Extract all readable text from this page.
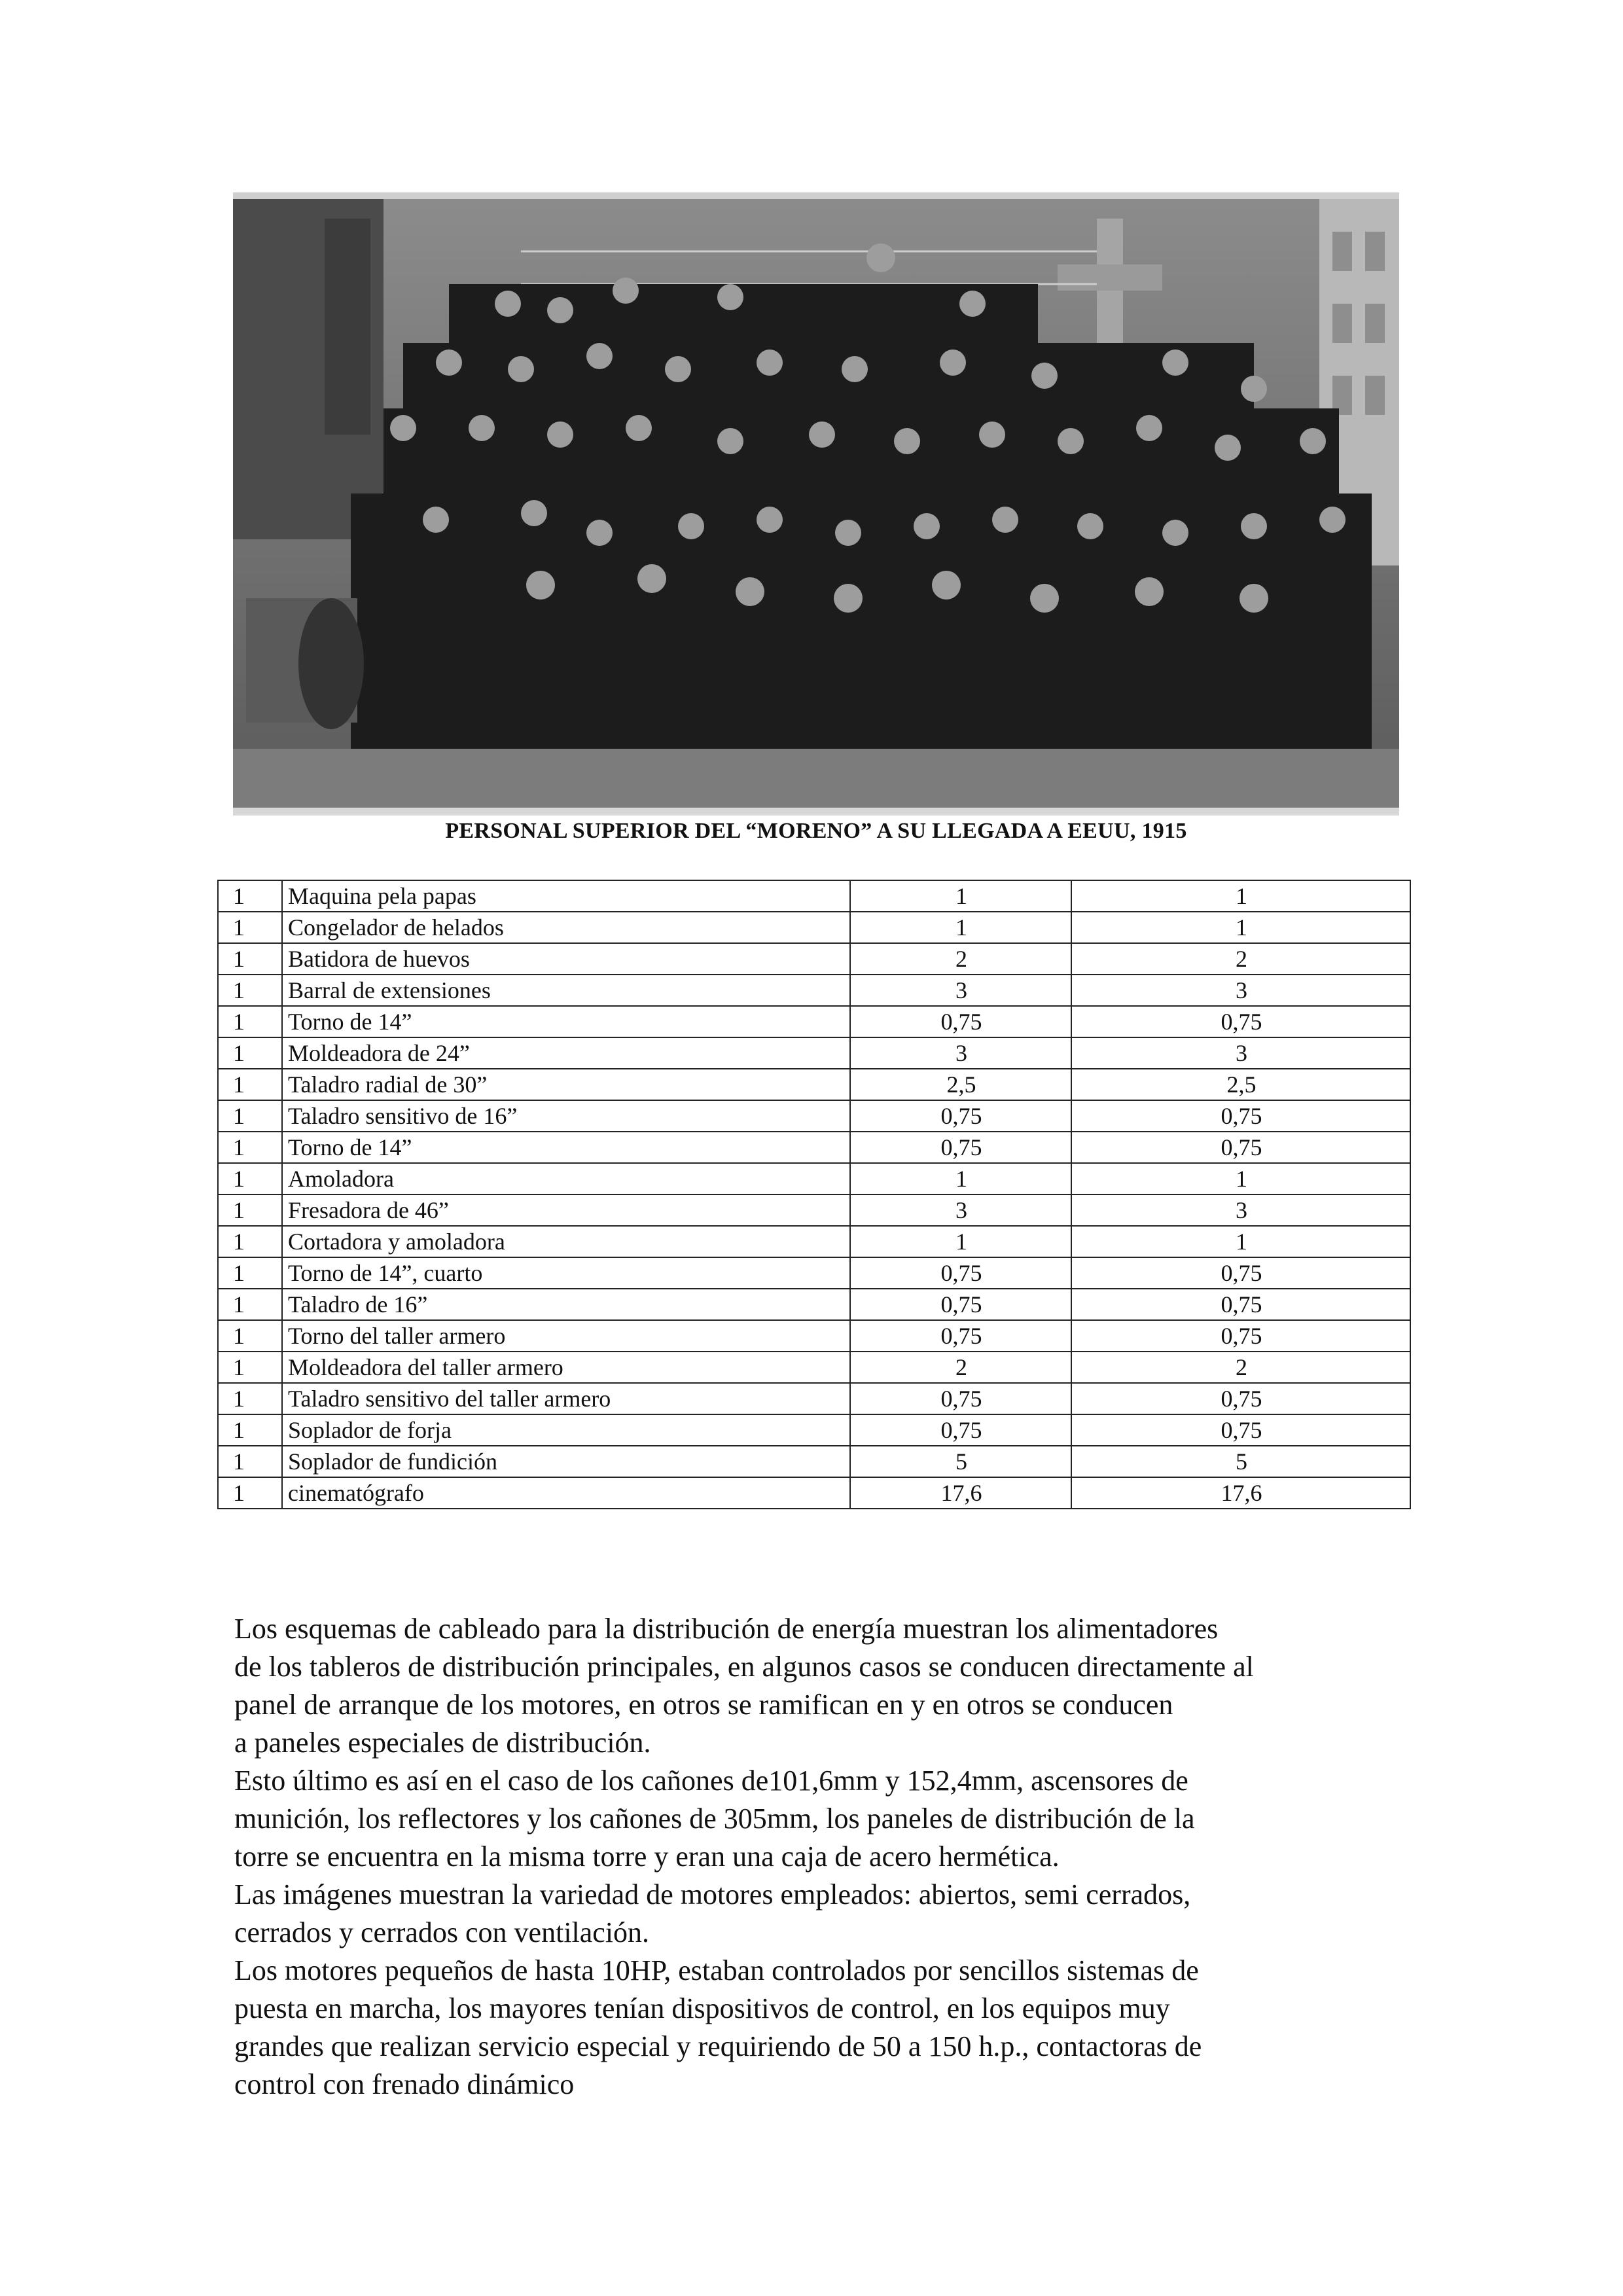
PERSONAL SUPERIOR DEL “MORENO” A SU LLEGADA A EEUU, 1915
1	Maquina pela papas	1	1
1	Congelador de helados	1	1
1	Batidora de huevos	2	2
1	Barral de extensiones	3	3
1	Torno de 14”	0,75	0,75
1	Moldeadora de 24”	3	3
1	Taladro radial de 30”	2,5	2,5
1	Taladro sensitivo de 16”	0,75	0,75
1	Torno de 14”	0,75	0,75
1	Amoladora	1	1
1	Fresadora de 46”	3	3
1	Cortadora y amoladora	1	1
1	Torno de 14”, cuarto	0,75	0,75
1	Taladro de 16”	0,75	0,75
1	Torno del taller armero	0,75	0,75
1	Moldeadora del taller armero	2	2
1	Taladro sensitivo del taller armero	0,75	0,75
1	Soplador de forja	0,75	0,75
1	Soplador de fundición	5	5
1	cinematógrafo	17,6	17,6

Los esquemas de cableado para la distribución de energía muestran los alimentadores

de los tableros de distribución principales, en algunos casos se conducen directamente al

panel de arranque de los motores, en otros se ramifican en y en otros se conducen

a paneles especiales de distribución.

Esto último es así en el caso de los cañones de101,6mm y 152,4mm, ascensores de

munición, los reflectores y los cañones de 305mm, los paneles de distribución de la

torre se encuentra en la misma torre y eran una caja de acero hermética.

Las imágenes muestran la variedad de motores empleados: abiertos, semi cerrados,

cerrados y cerrados con ventilación.

Los motores pequeños de hasta 10HP, estaban controlados por sencillos sistemas de

puesta en marcha, los mayores tenían dispositivos de control, en los equipos muy

grandes que realizan servicio especial y requiriendo de 50 a 150 h.p., contactoras de

control con frenado dinámico
